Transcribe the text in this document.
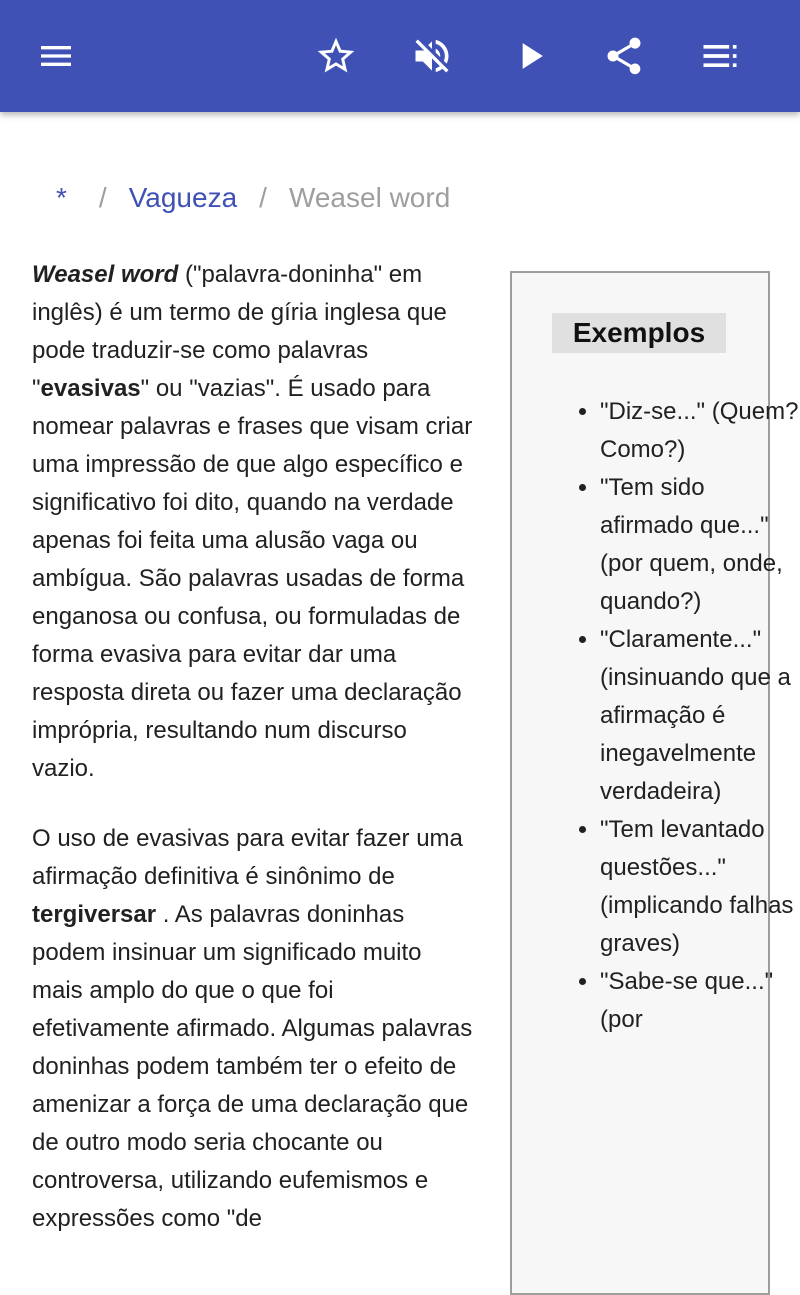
*	/ Vagueza / Weasel word

Weasel word ("palavra-doninha" em inglês) é um termo de gíria inglesa que pode traduzir-se como palavras "evasivas" ou "vazias". É usado para nomear palavras e frases que visam criar uma impressão de que algo específico e significativo foi dito, quando na verdade apenas foi feita uma alusão vaga ou ambígua. São palavras usadas de forma enganosa ou confusa, ou formuladas de forma evasiva para evitar dar uma resposta direta ou fazer uma declaração imprópria, resultando num discurso vazio.

O uso de evasivas para evitar fazer uma afirmação definitiva é sinônimo de tergiversar . As palavras doninhas podem insinuar um significado muito mais amplo do que o que foi efetivamente afirmado. Algumas palavras doninhas podem também ter o efeito de amenizar a força de uma declaração que de outro modo seria chocante ou controversa, utilizando eufemismos e expressões como "de

Exemplos
• "Diz-se..." (Quem? Como?)
• "Tem sido afirmado que..." (por quem, onde, quando?)
• "Claramente..." (insinuando que a afirmação é inegavelmente verdadeira)
• "Tem levantado questões..." (implicando falhas graves)
• "Sabe-se que..." (por
